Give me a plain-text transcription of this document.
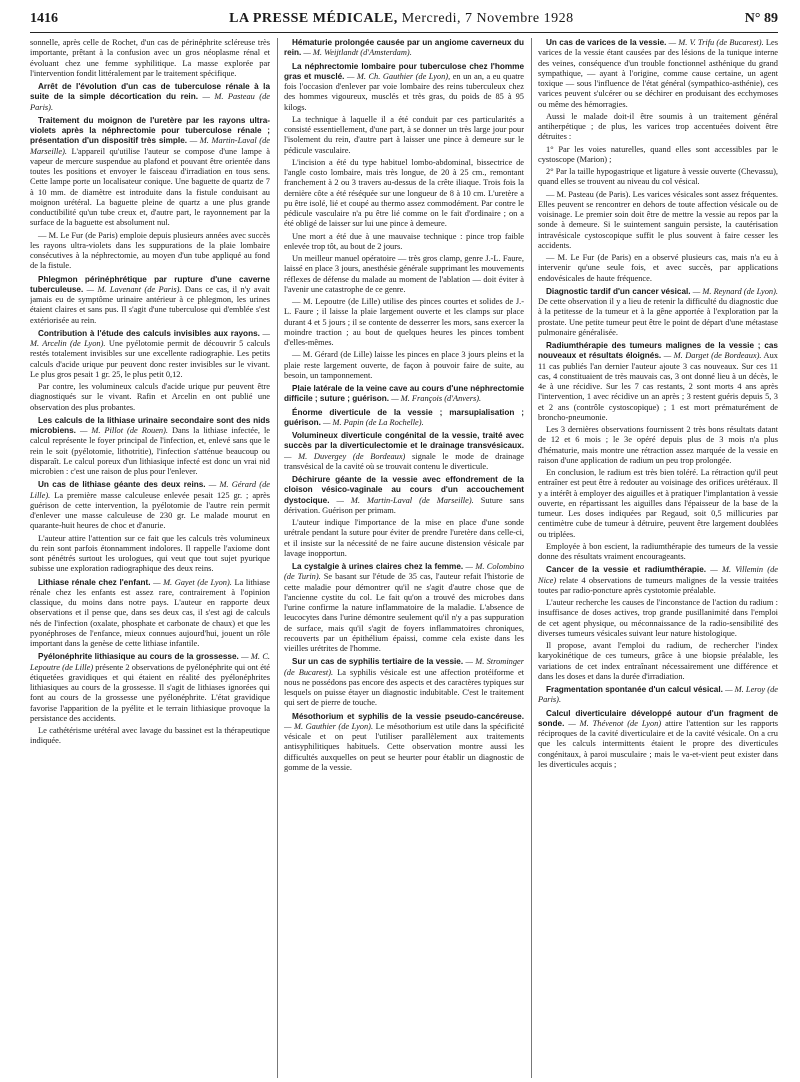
1416	LA PRESSE MÉDICALE, Mercredi, 7 Novembre 1928	N° 89

sonnelle, après celle de Rochet, d'un cas de périnéphrite scléreuse très importante, prêtant à la confusion avec un gros néoplasme rénal et évoluant chez une femme syphilitique. La masse explorée par l'intervention fondit littéralement par le traitement spécifique.

Arrêt de l'évolution d'un cas de tuberculose rénale à la suite de la simple décortication du rein. — M. Pasteau (de Paris).

Traitement du moignon de l'uretère par les rayons ultra-violets après la néphrectomie pour tuberculose rénale ; présentation d'un dispositif très simple. — M. Martin-Laval (de Marseille). L'appareil qu'utilise l'auteur se compose d'une lampe à vapeur de mercure suspendue au plafond et pouvant être orientée dans toutes les positions et envoyer le faisceau d'irradiation en tous sens. Cette lampe porte un localisateur conique. Une baguette de quartz de 7 à 10 mm. de diamètre est introduite dans la fistule conduisant au moignon urétéral. La baguette pleine de quartz a une plus grande conductibilité qu'un tube creux et, d'autre part, le rayonnement par la surface de la baguette est absolument nul.

— M. Le Fur (de Paris) emploie depuis plusieurs années avec succès les rayons ultra-violets dans les suppurations de la plaie lombaire consécutives à la néphrectomie, au moyen d'un tube appliqué au fond de la fistule.

Phlegmon périnéphrétique par rupture d'une caverne tuberculeuse. — M. Lavenant (de Paris). Dans ce cas, il n'y avait jamais eu de symptôme urinaire antérieur à ce phlegmon, les urines étaient claires et sans pus. Il s'agit d'une tuberculose qui d'emblée s'est extériorisée au rein.

Contribution à l'étude des calculs invisibles aux rayons. — M. Arcelin (de Lyon). Une pyélotomie permit de découvrir 5 calculs restés totalement invisibles sur une excellente radiographie. Les petits calculs d'acide urique pur peuvent donc rester invisibles sur le vivant. Le plus gros pesait 1 gr. 25, le plus petit 0,12.

Par contre, les volumineux calculs d'acide urique pur peuvent être diagnostiqués sur le vivant. Rafin et Arcelin en ont publié une observation des plus probantes.

Les calculs de la lithiase urinaire secondaire sont des nids microbiens. — M. Pillot (de Rouen). Dans la lithiase infectée, le calcul représente le foyer principal de l'infection, et, enlevé sans que le rein le soit (pyélotomie, lithotritie), l'infection s'atténue beaucoup ou disparaît. Le calcul poreux d'un lithiasique infecté est donc un vrai nid microbien : c'est une raison de plus pour l'enlever.

Un cas de lithiase géante des deux reins. — M. Gérard (de Lille). La première masse calculeuse enlevée pesait 125 gr. ; après guérison de cette intervention, la pyélotomie de l'autre rein permit d'enlever une masse calculeuse de 230 gr. Le malade mourut en quarante-huit heures de choc et d'anurie.

L'auteur attire l'attention sur ce fait que les calculs très volumineux du rein sont parfois étonnamment indolores. Il rappelle l'axiome dont sont pénétrés surtout les urologues, qui veut que tout sujet pyurique subisse une exploration radiographique des deux reins.

Lithiase rénale chez l'enfant. — M. Gayet (de Lyon). La lithiase rénale chez les enfants est assez rare, contrairement à l'opinion classique, du moins dans notre pays. L'auteur en rapporte deux observations et il pense que, dans ses deux cas, il s'est agi de calculs nés de l'infection (oxalate, phosphate et carbonate de chaux) et que les pyonéphroses de l'enfance, mieux connues aujourd'hui, jouent un rôle important dans la genèse de cette lithiase infantile.

Pyélonéphrite lithiasique au cours de la grossesse. — M. C. Lepoutre (de Lille) présente 2 observations de pyélonéphrite qui ont été étiquetées gravidiques et qui étaient en réalité des pyélonéphrites lithiasiques au cours de la grossesse. Il s'agit de lithiases ignorées qui font au cours de la grossesse une pyélonéphrite. L'état gravidique favorise l'apparition de la pyélite et le terrain lithiasique provoque la persistance des accidents.

Le cathétérisme urétéral avec lavage du bassinet est la thérapeutique indiquée.

Hématurie prolongée causée par un angiome caverneux du rein. — M. Weijtlandt (d'Amsterdam).

La néphrectomie lombaire pour tuberculose chez l'homme gras et musclé. — M. Ch. Gauthier (de Lyon), en un an, a eu quatre fois l'occasion d'enlever par voie lombaire des reins tuberculeux chez des hommes vigoureux, musclés et très gras, du poids de 85 à 95 kilogs.

La technique à laquelle il a été conduit par ces particularités a consisté essentiellement, d'une part, à se donner un très large jour pour l'isolement du rein, d'autre part à laisser une pince à demeure sur le pédicule vasculaire.

L'incision a été du type habituel lombo-abdominal, bissectrice de l'angle costo lombaire, mais très longue, de 20 à 25 cm., remontant franchement à 2 ou 3 travers au-dessus de la crête iliaque. Trois fois la dernière côte a été réséquée sur une longueur de 8 à 10 cm. L'uretère a pu être isolé, lié et coupé au thermo assez commodément. Par contre le pédicule vasculaire n'a pu être lié comme on le fait d'ordinaire ; on a été obligé de laisser sur lui une pince à demeure.

Une mort a été due à une mauvaise technique : pince trop faible enlevée trop tôt, au bout de 2 jours.

Un meilleur manuel opératoire — très gros clamp, genre J.-L. Faure, laissé en place 3 jours, anesthésie générale supprimant les mouvements réflexes de défense du malade au moment de l'ablation — doit éviter à l'avenir une catastrophe de ce genre.

— M. Lepoutre (de Lille) utilise des pinces courtes et solides de J.-L. Faure ; il laisse la plaie largement ouverte et les clamps sur place durant 4 et 5 jours ; il se contente de desserrer les mors, sans exercer la moindre traction ; au bout de quelques heures les pinces tombent d'elles-mêmes.

— M. Gérard (de Lille) laisse les pinces en place 3 jours pleins et la plaie reste largement ouverte, de façon à pouvoir faire de suite, au besoin, un tamponnement.

Plaie latérale de la veine cave au cours d'une néphrectomie difficile ; suture ; guérison. — M. François (d'Anvers).

Énorme diverticule de la vessie ; marsupialisation ; guérison. — M. Papin (de La Rochelle).

Volumineux diverticule congénital de la vessie, traité avec succès par la diverticulectomie et le drainage transvésicaux. — M. Duvergey (de Bordeaux) signale le mode de drainage transvésical de la cavité où se trouvait contenu le diverticule.

Déchirure géante de la vessie avec effondrement de la cloison vésico-vaginale au cours d'un accouchement dystocique. — M. Martin-Laval (de Marseille). Suture sans dérivation. Guérison per primam.

L'auteur indique l'importance de la mise en place d'une sonde urétrale pendant la suture pour éviter de prendre l'uretère dans celle-ci, et il insiste sur la nécessité de ne faire aucune distension vésicale par lavage inopportun.

La cystalgie à urines claires chez la femme. — M. Colombino (de Turin). Se basant sur l'étude de 35 cas, l'auteur refait l'historie de cette maladie pour démontrer qu'il ne s'agit d'autre chose que de l'ancienne cystite du col. Le fait qu'on a trouvé des microbes dans l'urine confirme la nature inflammatoire de la maladie. L'absence de leucocytes dans l'urine démontre seulement qu'il n'y a pas suppuration de surface, mais qu'il s'agit de foyers inflammatoires chroniques, recouverts par un épithélium épaissi, comme cela existe dans les vieilles urétrites de l'homme.

Sur un cas de syphilis tertiaire de la vessie. — M. Strominger (de Bucarest). La syphilis vésicale est une affection protéiforme et nous ne possédons pas encore des aspects et des caractères typiques sur lesquels on puisse étayer un diagnostic indubitable. C'est le traitement qui sert de pierre de touche.

Mésothorium et syphilis de la vessie pseudo-cancéreuse. — M. Gauthier (de Lyon). Le mésothorium est utile dans la spécificité vésicale et on peut l'utiliser parallèlement aux traitements antisyphilitiques habituels. Cette observation montre aussi les difficultés auxquelles on peut se heurter pour établir un diagnostic de gomme de la vessie.

Un cas de varices de la vessie. — M. V. Trifu (de Bucarest). Les varices de la vessie étant causées par des lésions de la tunique interne des veines, conséquence d'un trouble fonctionnel asthénique du grand sympathique, — ayant à l'origine, comme cause certaine, un agent toxique — sous l'influence de l'état général (sympathico-asthénie), ces varices peuvent s'ulcérer ou se déchirer en produisant des ecchymoses ou même des hémorragies.

Aussi le malade doit-il être soumis à un traitement général antiherpétique ; de plus, les varices trop accentuées doivent être détruites :

1° Par les voies naturelles, quand elles sont accessibles par le cystoscope (Marion) ;

2° Par la taille hypogastrique et ligature à vessie ouverte (Chevassu), quand elles se trouvent au niveau du col vésical.

— M. Pasteau (de Paris). Les varices vésicales sont assez fréquentes. Elles peuvent se rencontrer en dehors de toute affection vésicale ou de voisinage. Le premier soin doit être de mettre la vessie au repos par la sonde à demeure. Si le suintement sanguin persiste, la cautérisation intravésicale cystoscopique suffit le plus souvent à faire cesser les accidents.

— M. Le Fur (de Paris) en a observé plusieurs cas, mais n'a eu à intervenir qu'une seule fois, et avec succès, par applications endovésicales de haute fréquence.

Diagnostic tardif d'un cancer vésical. — M. Reynard (de Lyon). De cette observation il y a lieu de retenir la difficulté du diagnostic due à la petitesse de la tumeur et à la gêne apportée à l'exploration par la prostate. Une petite tumeur peut être le point de départ d'une métastase pulmonaire généralisée.

Radiumthérapie des tumeurs malignes de la vessie ; cas nouveaux et résultats éloignés. — M. Darget (de Bordeaux). Aux 11 cas publiés l'an dernier l'auteur ajoute 3 cas nouveaux. Sur ces 11 cas, 4 constituaient de très mauvais cas, 3 ont donné lieu à un décès, le 4e à une récidive. Sur les 7 cas restants, 2 sont morts 4 ans après l'intervention, 1 avec récidive un an après ; 3 restent guéris depuis 5, 3 et 2 ans (contrôle cystoscopique) ; 1 est mort prématurément de broncho-pneumonie.

Les 3 dernières observations fournissent 2 très bons résultats datant de 12 et 6 mois ; le 3e opéré depuis plus de 3 mois n'a plus d'hématurie, mais montre une rétraction assez marquée de la vessie en raison d'une application de radium un peu trop prolongée.

En conclusion, le radium est très bien toléré. La rétraction qu'il peut entraîner est peut être à redouter au voisinage des orifices urétéraux. Il y a intérêt à employer des aiguilles et à pratiquer l'implantation à vessie ouverte, en répartissant les aiguilles dans l'épaisseur de la base de la tumeur. Les doses indiquées par Regaud, soit 0,5 millicuries par centimètre cube de tumeur à détruire, peuvent être largement doublées ou triplées.

Employée à bon escient, la radiumthérapie des tumeurs de la vessie donne des résultats vraiment encourageants.

Cancer de la vessie et radiumthérapie. — M. Villemin (de Nice) relate 4 observations de tumeurs malignes de la vessie traitées toutes par radio-poncture après cystotomie préalable.

L'auteur recherche les causes de l'inconstance de l'action du radium : insuffisance de doses actives, trop grande pusillanimité dans l'emploi de cet agent physique, ou méconnaissance de la radio-sensibilité des diverses tumeurs vésicales suivant leur nature histologique.

Il propose, avant l'emploi du radium, de rechercher l'index karyokinétique de ces tumeurs, grâce à une biopsie préalable, les variations de cet index entraînant nécessairement une différence et dans les doses et dans la durée d'irradiation.

Fragmentation spontanée d'un calcul vésical. — M. Leroy (de Paris).

Calcul diverticulaire développé autour d'un fragment de sonde. — M. Thévenot (de Lyon) attire l'attention sur les rapports réciproques de la cavité diverticulaire et de la cavité vésicale. On a cru que les calculs intermittents étaient le propre des diverticules congénitaux, à paroi musculaire ; mais le va-et-vient peut exister dans les diverticules acquis ;
